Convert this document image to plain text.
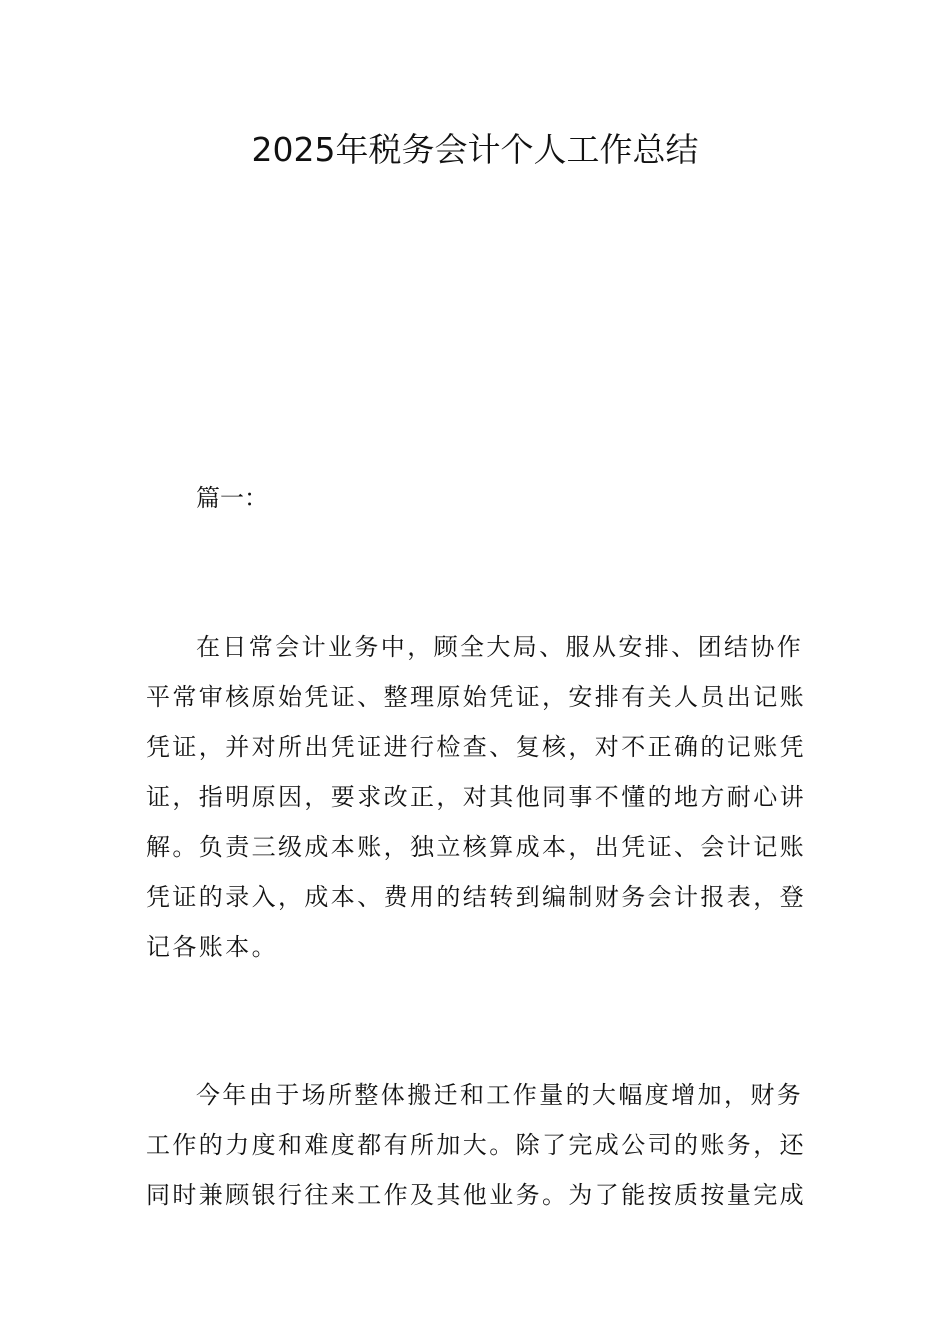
2025年税务会计个人工作总结

篇一：

在日常会计业务中，顾全大局、服从安排、团结协作
平常审核原始凭证、整理原始凭证，安排有关人员出记账
凭证，并对所出凭证进行检查、复核，对不正确的记账凭
证，指明原因，要求改正，对其他同事不懂的地方耐心讲
解。负责三级成本账，独立核算成本，出凭证、会计记账
凭证的录入，成本、费用的结转到编制财务会计报表，登
记各账本。

今年由于场所整体搬迁和工作量的大幅度增加，财务
工作的力度和难度都有所加大。除了完成公司的账务，还
同时兼顾银行往来工作及其他业务。为了能按质按量完成
